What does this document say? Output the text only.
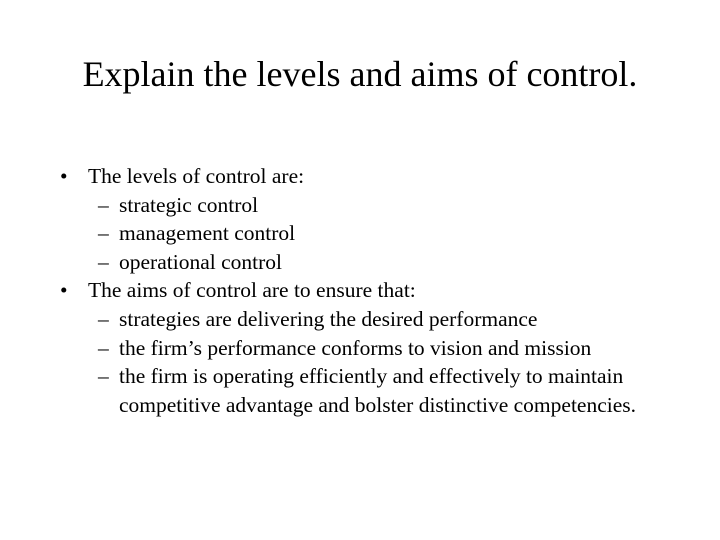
Explain the levels and aims of control.
• The levels of control are:
– strategic control
– management control
– operational control
• The aims of control are to ensure that:
– strategies are delivering the desired performance
– the firm’s performance conforms to vision and mission
– the firm is operating efficiently and effectively to maintain competitive advantage and bolster distinctive competencies.
